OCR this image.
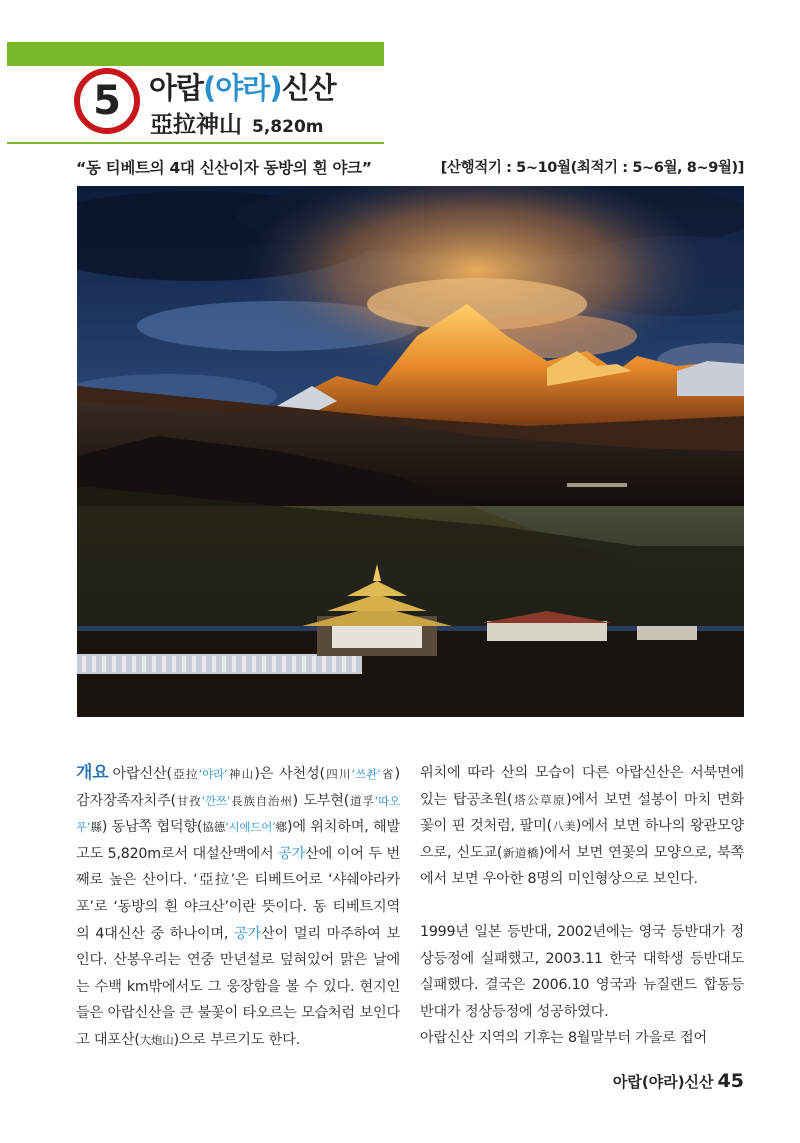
5 아랍(야라)신산
亞拉神山 5,820m
“동 티베트의 4대 신산이자 동방의 흰 야크”	[산행적기 : 5~10월(최적기 : 5~6월, 8~9월)]

개요 아랍신산(亞拉‘야라’神山)은 사천성(四川‘쓰촨’省) 감자장족자치주(甘孜‘깐쯔’長族自治州) 도부현(道孚‘따오푸’縣) 동남쪽 협덕향(協德‘시에드어’鄕)에 위치하며, 해발고도 5,820m로서 대설산맥에서 공가산에 이어 두 번째로 높은 산이다. ‘亞拉’은 티베트어로 ‘샤쉐야라카포’로 ‘동방의 흰 야크산’이란 뜻이다. 동 티베트지역의 4대신산 중 하나이며, 공가산이 멀리 마주하여 보인다. 산봉우리는 연중 만년설로 덮혀있어 맑은 날에는 수백 km밖에서도 그 웅장함을 볼 수 있다. 현지인들은 아랍신산을 큰 불꽃이 타오르는 모습처럼 보인다고 대포산(大炮山)으로 부르기도 한다.

위치에 따라 산의 모습이 다른 아랍신산은 서북면에 있는 탑공초원(塔公草原)에서 보면 설봉이 마치 면화 꽃이 핀 것처럼, 팔미(八美)에서 보면 하나의 왕관모양으로, 신도교(新道橋)에서 보면 연꽃의 모양으로, 북쪽에서 보면 우아한 8명의 미인형상으로 보인다.

1999년 일본 등반대, 2002년에는 영국 등반대가 정상등정에 실패했고, 2003.11 한국 대학생 등반대도 실패했다. 결국은 2006.10 영국과 뉴질랜드 합동등반대가 정상등정에 성공하였다.

아랍신산 지역의 기후는 8월말부터 가을로 접어

아랍(야라)신산 45
